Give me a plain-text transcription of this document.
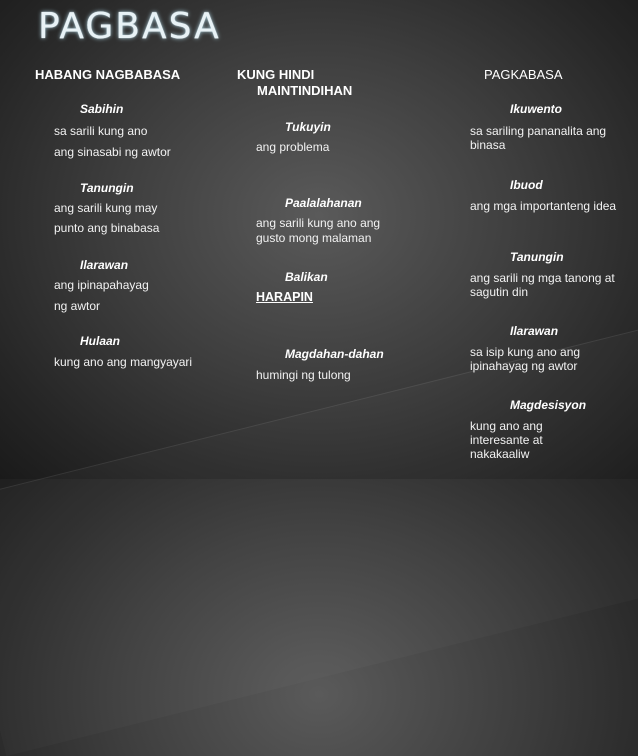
PAGBASA
HABANG NAGBABASA
Sabihin
sa sarili kung ano
ang sinasabi ng awtor
Tanungin
ang sarili kung may
punto ang binabasa
Ilarawan
ang ipinapahayag
ng awtor
Hulaan
kung ano ang mangyayari
KUNG HINDI
MAINTINDIHAN
Tukuyin
ang problema
Paalalahanan
ang sarili kung ano ang
gusto mong malaman
Balikan
HARAPIN
Magdahan-dahan
humingi ng tulong
PAGKABASA
Ikuwento
sa sariling pananalita ang binasa
Ibuod
ang mga importanteng idea
Tanungin
ang sarili ng mga tanong at sagutin din
Ilarawan
sa isip kung ano ang ipinahayag ng awtor
Magdesisyon
kung ano ang interesante at nakakaaliw
